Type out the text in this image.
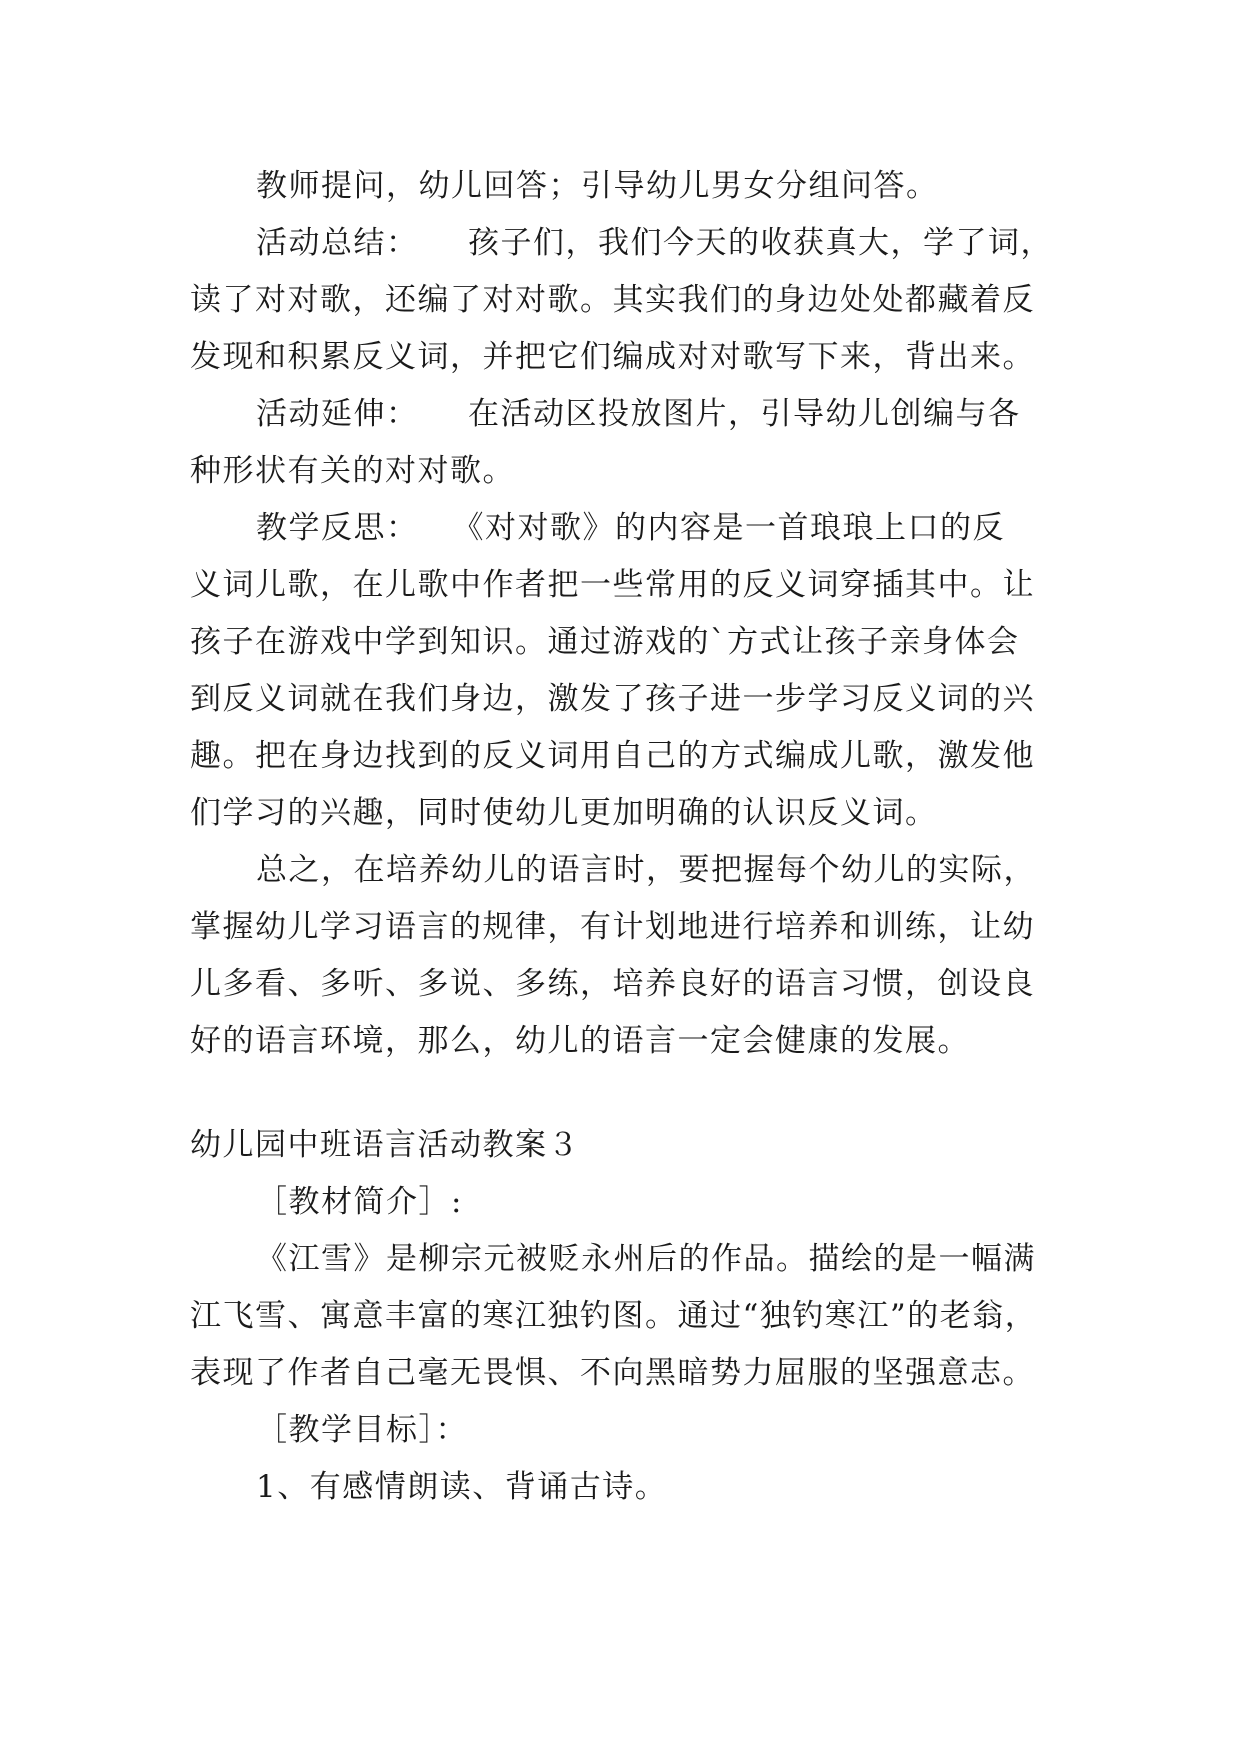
教师提问，幼儿回答；引导幼儿男女分组问答。
活动总结：　　孩子们，我们今天的收获真大，学了词，
读了对对歌，还编了对对歌。其实我们的身边处处都藏着反
发现和积累反义词，并把它们编成对对歌写下来，背出来。
活动延伸：　　在活动区投放图片，引导幼儿创编与各
种形状有关的对对歌。
教学反思：　　《对对歌》的内容是一首琅琅上口的反
义词儿歌，在儿歌中作者把一些常用的反义词穿插其中。让
孩子在游戏中学到知识。通过游戏的`方式让孩子亲身体会
到反义词就在我们身边，激发了孩子进一步学习反义词的兴
趣。把在身边找到的反义词用自己的方式编成儿歌，激发他
们学习的兴趣，同时使幼儿更加明确的认识反义词。
总之，在培养幼儿的语言时，要把握每个幼儿的实际，
掌握幼儿学习语言的规律，有计划地进行培养和训练，让幼
儿多看、多听、多说、多练，培养良好的语言习惯，创设良
好的语言环境，那么，幼儿的语言一定会健康的发展。
幼儿园中班语言活动教案３
［教材简介］:
《江雪》是柳宗元被贬永州后的作品。描绘的是一幅满
江飞雪、寓意丰富的寒江独钓图。通过“独钓寒江”的老翁，
表现了作者自己毫无畏惧、不向黑暗势力屈服的坚强意志。
［教学目标］：
1、有感情朗读、背诵古诗。
